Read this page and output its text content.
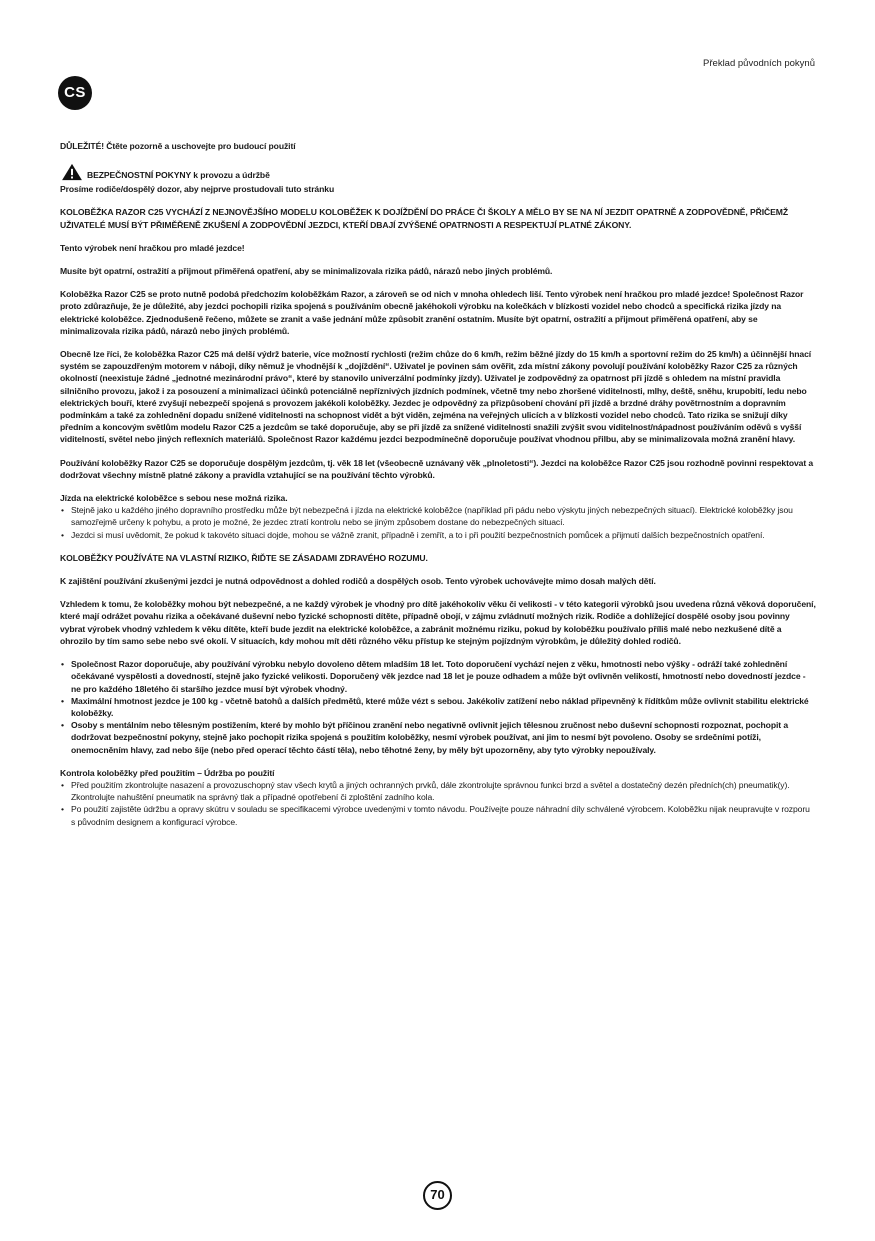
Překlad původních pokynů
CS

DŮLEŽITÉ! Čtěte pozorně a uschovejte pro budoucí použití

BEZPEČNOSTNÍ POKYNY k provozu a údržbě

Prosíme rodiče/dospělý dozor, aby nejprve prostudovali tuto stránku

KOLOBĚŽKA RAZOR C25 VYCHÁZÍ Z NEJNOVĚJŠÍHO MODELU KOLOBĚŽEK K DOJÍŽDĚNÍ DO PRÁCE ČI ŠKOLY A MĚLO BY SE NA NÍ JEZDIT OPATRNĚ A ZODPOVĚDNĚ, PŘIČEMŽ UŽIVATELÉ MUSÍ BÝT PŘIMĚŘENĚ ZKUŠENÍ A ZODPOVĚDNÍ JEZDCI, KTEŘÍ DBAJÍ ZVÝŠENÉ OPATRNOSTI A RESPEKTUJÍ PLATNÉ ZÁKONY.

Tento výrobek není hračkou pro mladé jezdce!

Musíte být opatrní, ostražití a přijmout přiměřená opatření, aby se minimalizovala rizika pádů, nárazů nebo jiných problémů.

Koloběžka Razor C25 se proto nutně podobá předchozím koloběžkám Razor, a zároveň se od nich v mnoha ohledech liší. Tento výrobek není hračkou pro mladé jezdce! Společnost Razor proto zdůrazňuje, že je důležité, aby jezdci pochopili rizika spojená s používáním obecně jakéhokoli výrobku na kolečkách v blízkosti vozidel nebo chodců a specifická rizika jízdy na elektrické koloběžce. Zjednodušeně řečeno, můžete se zranit a vaše jednání může způsobit zranění ostatním. Musíte být opatrní, ostražití a přijmout přiměřená opatření, aby se minimalizovala rizika pádů, nárazů nebo jiných problémů.

Obecně lze říci, že koloběžka Razor C25 má delší výdrž baterie, více možností rychlosti (režim chůze do 6 km/h, režim běžné jízdy do 15 km/h a sportovní režim do 25 km/h) a účinnější hnací systém se zapouzdřeným motorem v náboji, díky němuž je vhodnější k „dojíždění“. Uživatel je povinen sám ověřit, zda místní zákony povolují používání koloběžky Razor C25 za různých okolností (neexistuje žádné „jednotné mezinárodní právo“, které by stanovilo univerzální podmínky jízdy). Uživatel je zodpovědný za opatrnost při jízdě s ohledem na místní pravidla silničního provozu, jakož i za posouzení a minimalizaci účinků potenciálně nepříznivých jízdních podmínek, včetně tmy nebo zhoršené viditelnosti, mlhy, deště, sněhu, krupobití, ledu nebo elektrických bouří, které zvyšují nebezpečí spojená s provozem jakékoli koloběžky. Jezdec je odpovědný za přizpůsobení chování při jízdě a brzdné dráhy povětrnostním a dopravním podmínkám a také za zohlednění dopadu snížené viditelnosti na schopnost vidět a být viděn, zejména na veřejných ulicích a v blízkosti vozidel nebo chodců. Tato rizika se snižují díky předním a koncovým světlům modelu Razor C25 a jezdcům se také doporučuje, aby se při jízdě za snížené viditelnosti snažili zvýšit svou viditelnost/nápadnost používáním oděvů s vyšší viditelností, světel nebo jiných reflexních materiálů. Společnost Razor každému jezdci bezpodmínečně doporučuje používat vhodnou přilbu, aby se minimalizovala možná zranění hlavy.

Používání koloběžky Razor C25 se doporučuje dospělým jezdcům, tj. věk 18 let (všeobecně uznávaný věk „plnoletosti“). Jezdci na koloběžce Razor C25 jsou rozhodně povinni respektovat a dodržovat všechny místně platné zákony a pravidla vztahující se na používání těchto výrobků.

Jízda na elektrické koloběžce s sebou nese možná rizika.

• Stejně jako u každého jiného dopravního prostředku může být nebezpečná i jízda na elektrické koloběžce (například při pádu nebo výskytu jiných nebezpečných situací). Elektrické koloběžky jsou samozřejmě určeny k pohybu, a proto je možné, že jezdec ztratí kontrolu nebo se jiným způsobem dostane do nebezpečných situací.
• Jezdci si musí uvědomit, že pokud k takovéto situaci dojde, mohou se vážně zranit, případně i zemřít, a to i při použití bezpečnostních pomůcek a přijmutí dalších bezpečnostních opatření.

KOLOBĚŽKY POUŽÍVÁTE NA VLASTNÍ RIZIKO, ŘIĎTE SE ZÁSADAMI ZDRAVÉHO ROZUMU.

K zajištění používání zkušenými jezdci je nutná odpovědnost a dohled rodičů a dospělých osob. Tento výrobek uchovávejte mimo dosah malých dětí.

Vzhledem k tomu, že koloběžky mohou být nebezpečné, a ne každý výrobek je vhodný pro dítě jakéhokoliv věku či velikosti - v této kategorii výrobků jsou uvedena různá věková doporučení, které mají odrážet povahu rizika a očekávané duševní nebo fyzické schopnosti dítěte, případně obojí, v zájmu zvládnutí možných rizik. Rodiče a dohlížející dospělé osoby jsou povinny vybrat výrobek vhodný vzhledem k věku dítěte, kteří bude jezdit na elektrické koloběžce, a zabránit možnému riziku, pokud by koloběžku používalo příliš malé nebo nezkušené dítě a ohrozilo by tím samo sebe nebo své okolí. V situacích, kdy mohou mít děti různého věku přístup ke stejným pojízdným výrobkům, je důležitý dohled rodičů.

• Společnost Razor doporučuje, aby používání výrobku nebylo dovoleno dětem mladším 18 let. Toto doporučení vychází nejen z věku, hmotnosti nebo výšky - odráží také zohlednění očekávané vyspělosti a dovedností, stejně jako fyzické velikosti. Doporučený věk jezdce nad 18 let je pouze odhadem a může být ovlivněn velikostí, hmotností nebo dovedností jezdce - ne pro každého 18letého či staršího jezdce musí být výrobek vhodný.
• Maximální hmotnost jezdce je 100 kg - včetně batohů a dalších předmětů, které může vézt s sebou. Jakékoliv zatížení nebo náklad připevněný k řídítkům může ovlivnit stabilitu elektrické koloběžky.
• Osoby s mentálním nebo tělesným postižením, které by mohlo být příčinou zranění nebo negativně ovlivnit jejich tělesnou zručnost nebo duševní schopnosti rozpoznat, pochopit a dodržovat bezpečnostní pokyny, stejně jako pochopit rizika spojená s použitím koloběžky, nesmí výrobek používat, ani jim to nesmí být povoleno. Osoby se srdečními potíži, onemocněním hlavy, zad nebo šíje (nebo před operací těchto částí těla), nebo těhotné ženy, by měly být upozorněny, aby tyto výrobky nepoužívaly.

Kontrola koloběžky před použitím – Údržba po použití

• Před použitím zkontrolujte nasazení a provozuschopný stav všech krytů a jiných ochranných prvků, dále zkontrolujte správnou funkci brzd a světel a dostatečný dezén předních(ch) pneumatik(y). Zkontrolujte nahuštění pneumatik na správný tlak a případné opotřebení či zploštění zadního kola.
• Po použití zajistěte údržbu a opravy skútru v souladu se specifikacemi výrobce uvedenými v tomto návodu. Používejte pouze náhradní díly schválené výrobcem. Koloběžku nijak neupravujte v rozporu s původním designem a konfigurací výrobce.
70
